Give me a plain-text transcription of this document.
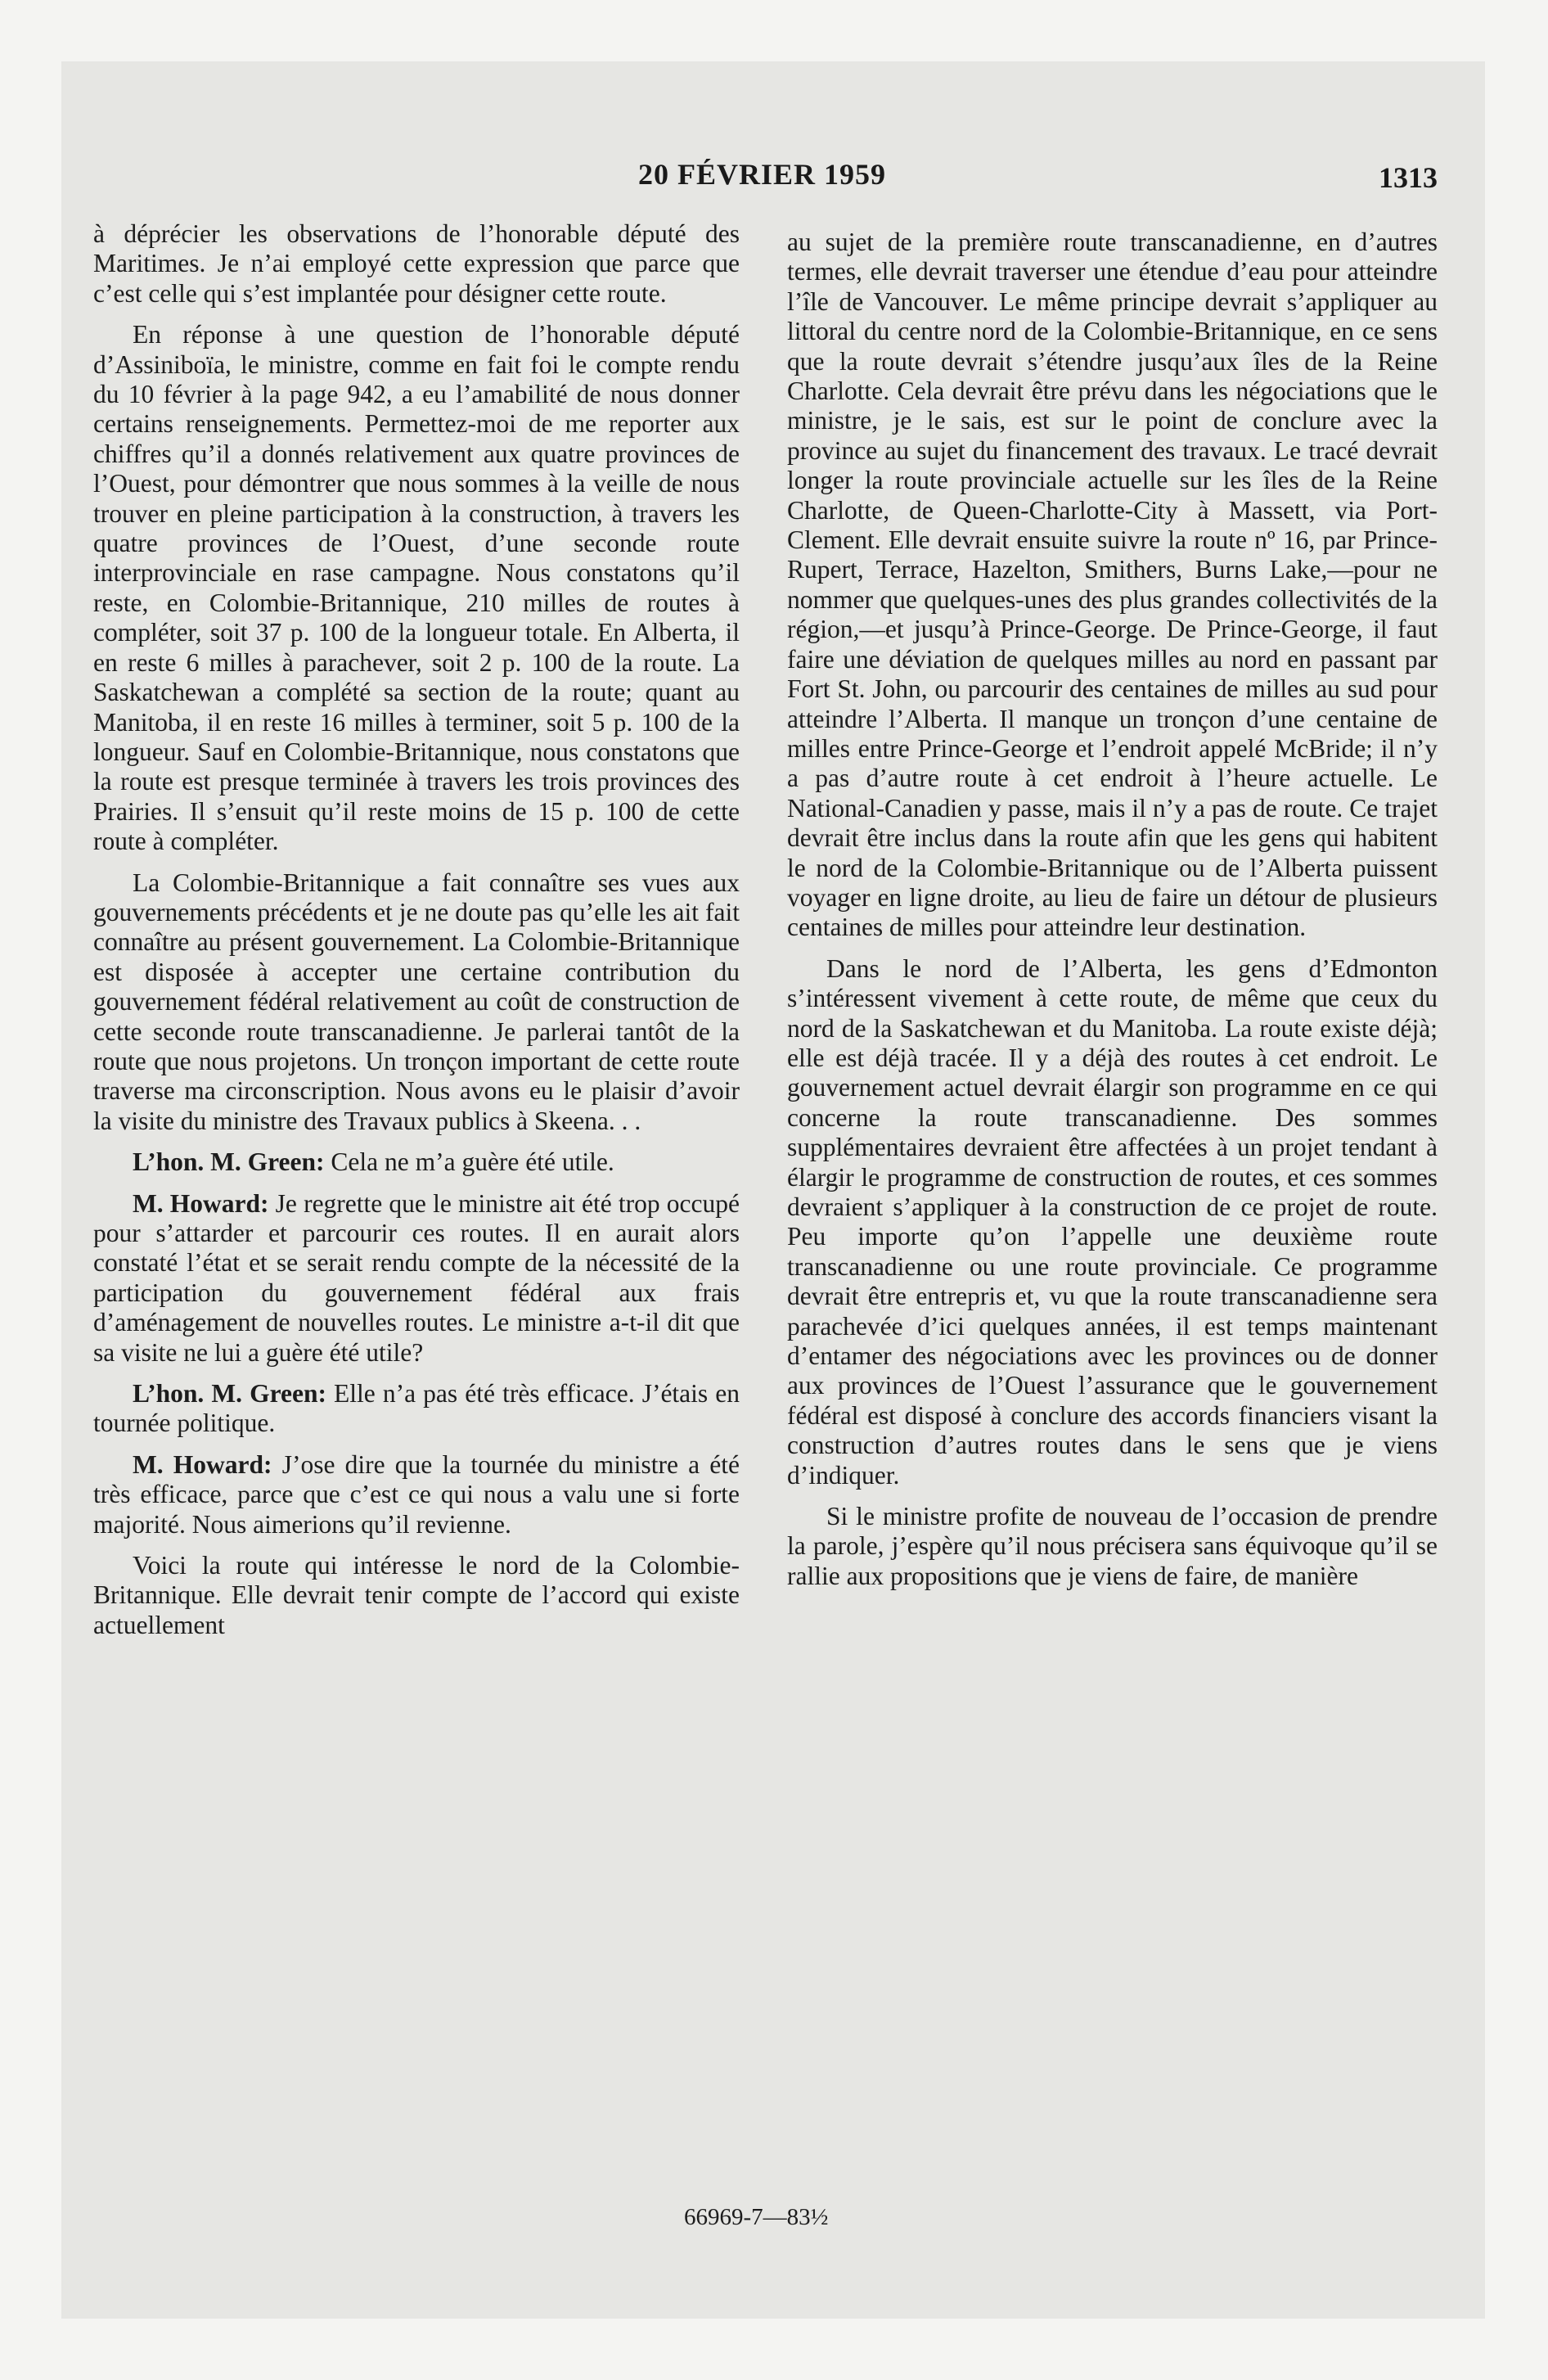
20 FÉVRIER 1959	1313

à déprécier les observations de l’honorable député des Maritimes. Je n’ai employé cette expression que parce que c’est celle qui s’est implantée pour désigner cette route.

En réponse à une question de l’honorable député d’Assiniboïa, le ministre, comme en fait foi le compte rendu du 10 février à la page 942, a eu l’amabilité de nous donner certains renseignements. Permettez-moi de me reporter aux chiffres qu’il a donnés relativement aux quatre provinces de l’Ouest, pour démontrer que nous sommes à la veille de nous trouver en pleine participation à la construction, à travers les quatre provinces de l’Ouest, d’une seconde route interprovinciale en rase campagne. Nous constatons qu’il reste, en Colombie-Britannique, 210 milles de routes à compléter, soit 37 p. 100 de la longueur totale. En Alberta, il en reste 6 milles à parachever, soit 2 p. 100 de la route. La Saskatchewan a complété sa section de la route; quant au Manitoba, il en reste 16 milles à terminer, soit 5 p. 100 de la longueur. Sauf en Colombie-Britannique, nous constatons que la route est presque terminée à travers les trois provinces des Prairies. Il s’ensuit qu’il reste moins de 15 p. 100 de cette route à compléter.

La Colombie-Britannique a fait connaître ses vues aux gouvernements précédents et je ne doute pas qu’elle les ait fait connaître au présent gouvernement. La Colombie-Britannique est disposée à accepter une certaine contribution du gouvernement fédéral relativement au coût de construction de cette seconde route transcanadienne. Je parlerai tantôt de la route que nous projetons. Un tronçon important de cette route traverse ma circonscription. Nous avons eu le plaisir d’avoir la visite du ministre des Travaux publics à Skeena. . .

L’hon. M. Green: Cela ne m’a guère été utile.

M. Howard: Je regrette que le ministre ait été trop occupé pour s’attarder et parcourir ces routes. Il en aurait alors constaté l’état et se serait rendu compte de la nécessité de la participation du gouvernement fédéral aux frais d’aménagement de nouvelles routes. Le ministre a-t-il dit que sa visite ne lui a guère été utile?

L’hon. M. Green: Elle n’a pas été très efficace. J’étais en tournée politique.

M. Howard: J’ose dire que la tournée du ministre a été très efficace, parce que c’est ce qui nous a valu une si forte majorité. Nous aimerions qu’il revienne.

Voici la route qui intéresse le nord de la Colombie-Britannique. Elle devrait tenir compte de l’accord qui existe actuellement

au sujet de la première route transcanadienne, en d’autres termes, elle devrait traverser une étendue d’eau pour atteindre l’île de Vancouver. Le même principe devrait s’appliquer au littoral du centre nord de la Colombie-Britannique, en ce sens que la route devrait s’étendre jusqu’aux îles de la Reine Charlotte. Cela devrait être prévu dans les négociations que le ministre, je le sais, est sur le point de conclure avec la province au sujet du financement des travaux. Le tracé devrait longer la route provinciale actuelle sur les îles de la Reine Charlotte, de Queen-Charlotte-City à Massett, via Port-Clement. Elle devrait ensuite suivre la route nº 16, par Prince-Rupert, Terrace, Hazelton, Smithers, Burns Lake,—pour ne nommer que quelques-unes des plus grandes collectivités de la région,—et jusqu’à Prince-George. De Prince-George, il faut faire une déviation de quelques milles au nord en passant par Fort St. John, ou parcourir des centaines de milles au sud pour atteindre l’Alberta. Il manque un tronçon d’une centaine de milles entre Prince-George et l’endroit appelé McBride; il n’y a pas d’autre route à cet endroit à l’heure actuelle. Le National-Canadien y passe, mais il n’y a pas de route. Ce trajet devrait être inclus dans la route afin que les gens qui habitent le nord de la Colombie-Britannique ou de l’Alberta puissent voyager en ligne droite, au lieu de faire un détour de plusieurs centaines de milles pour atteindre leur destination.

Dans le nord de l’Alberta, les gens d’Edmonton s’intéressent vivement à cette route, de même que ceux du nord de la Saskatchewan et du Manitoba. La route existe déjà; elle est déjà tracée. Il y a déjà des routes à cet endroit. Le gouvernement actuel devrait élargir son programme en ce qui concerne la route transcanadienne. Des sommes supplémentaires devraient être affectées à un projet tendant à élargir le programme de construction de routes, et ces sommes devraient s’appliquer à la construction de ce projet de route. Peu importe qu’on l’appelle une deuxième route transcanadienne ou une route provinciale. Ce programme devrait être entrepris et, vu que la route transcanadienne sera parachevée d’ici quelques années, il est temps maintenant d’entamer des négociations avec les provinces ou de donner aux provinces de l’Ouest l’assurance que le gouvernement fédéral est disposé à conclure des accords financiers visant la construction d’autres routes dans le sens que je viens d’indiquer.

Si le ministre profite de nouveau de l’occasion de prendre la parole, j’espère qu’il nous précisera sans équivoque qu’il se rallie aux propositions que je viens de faire, de manière

66969-7—83½
